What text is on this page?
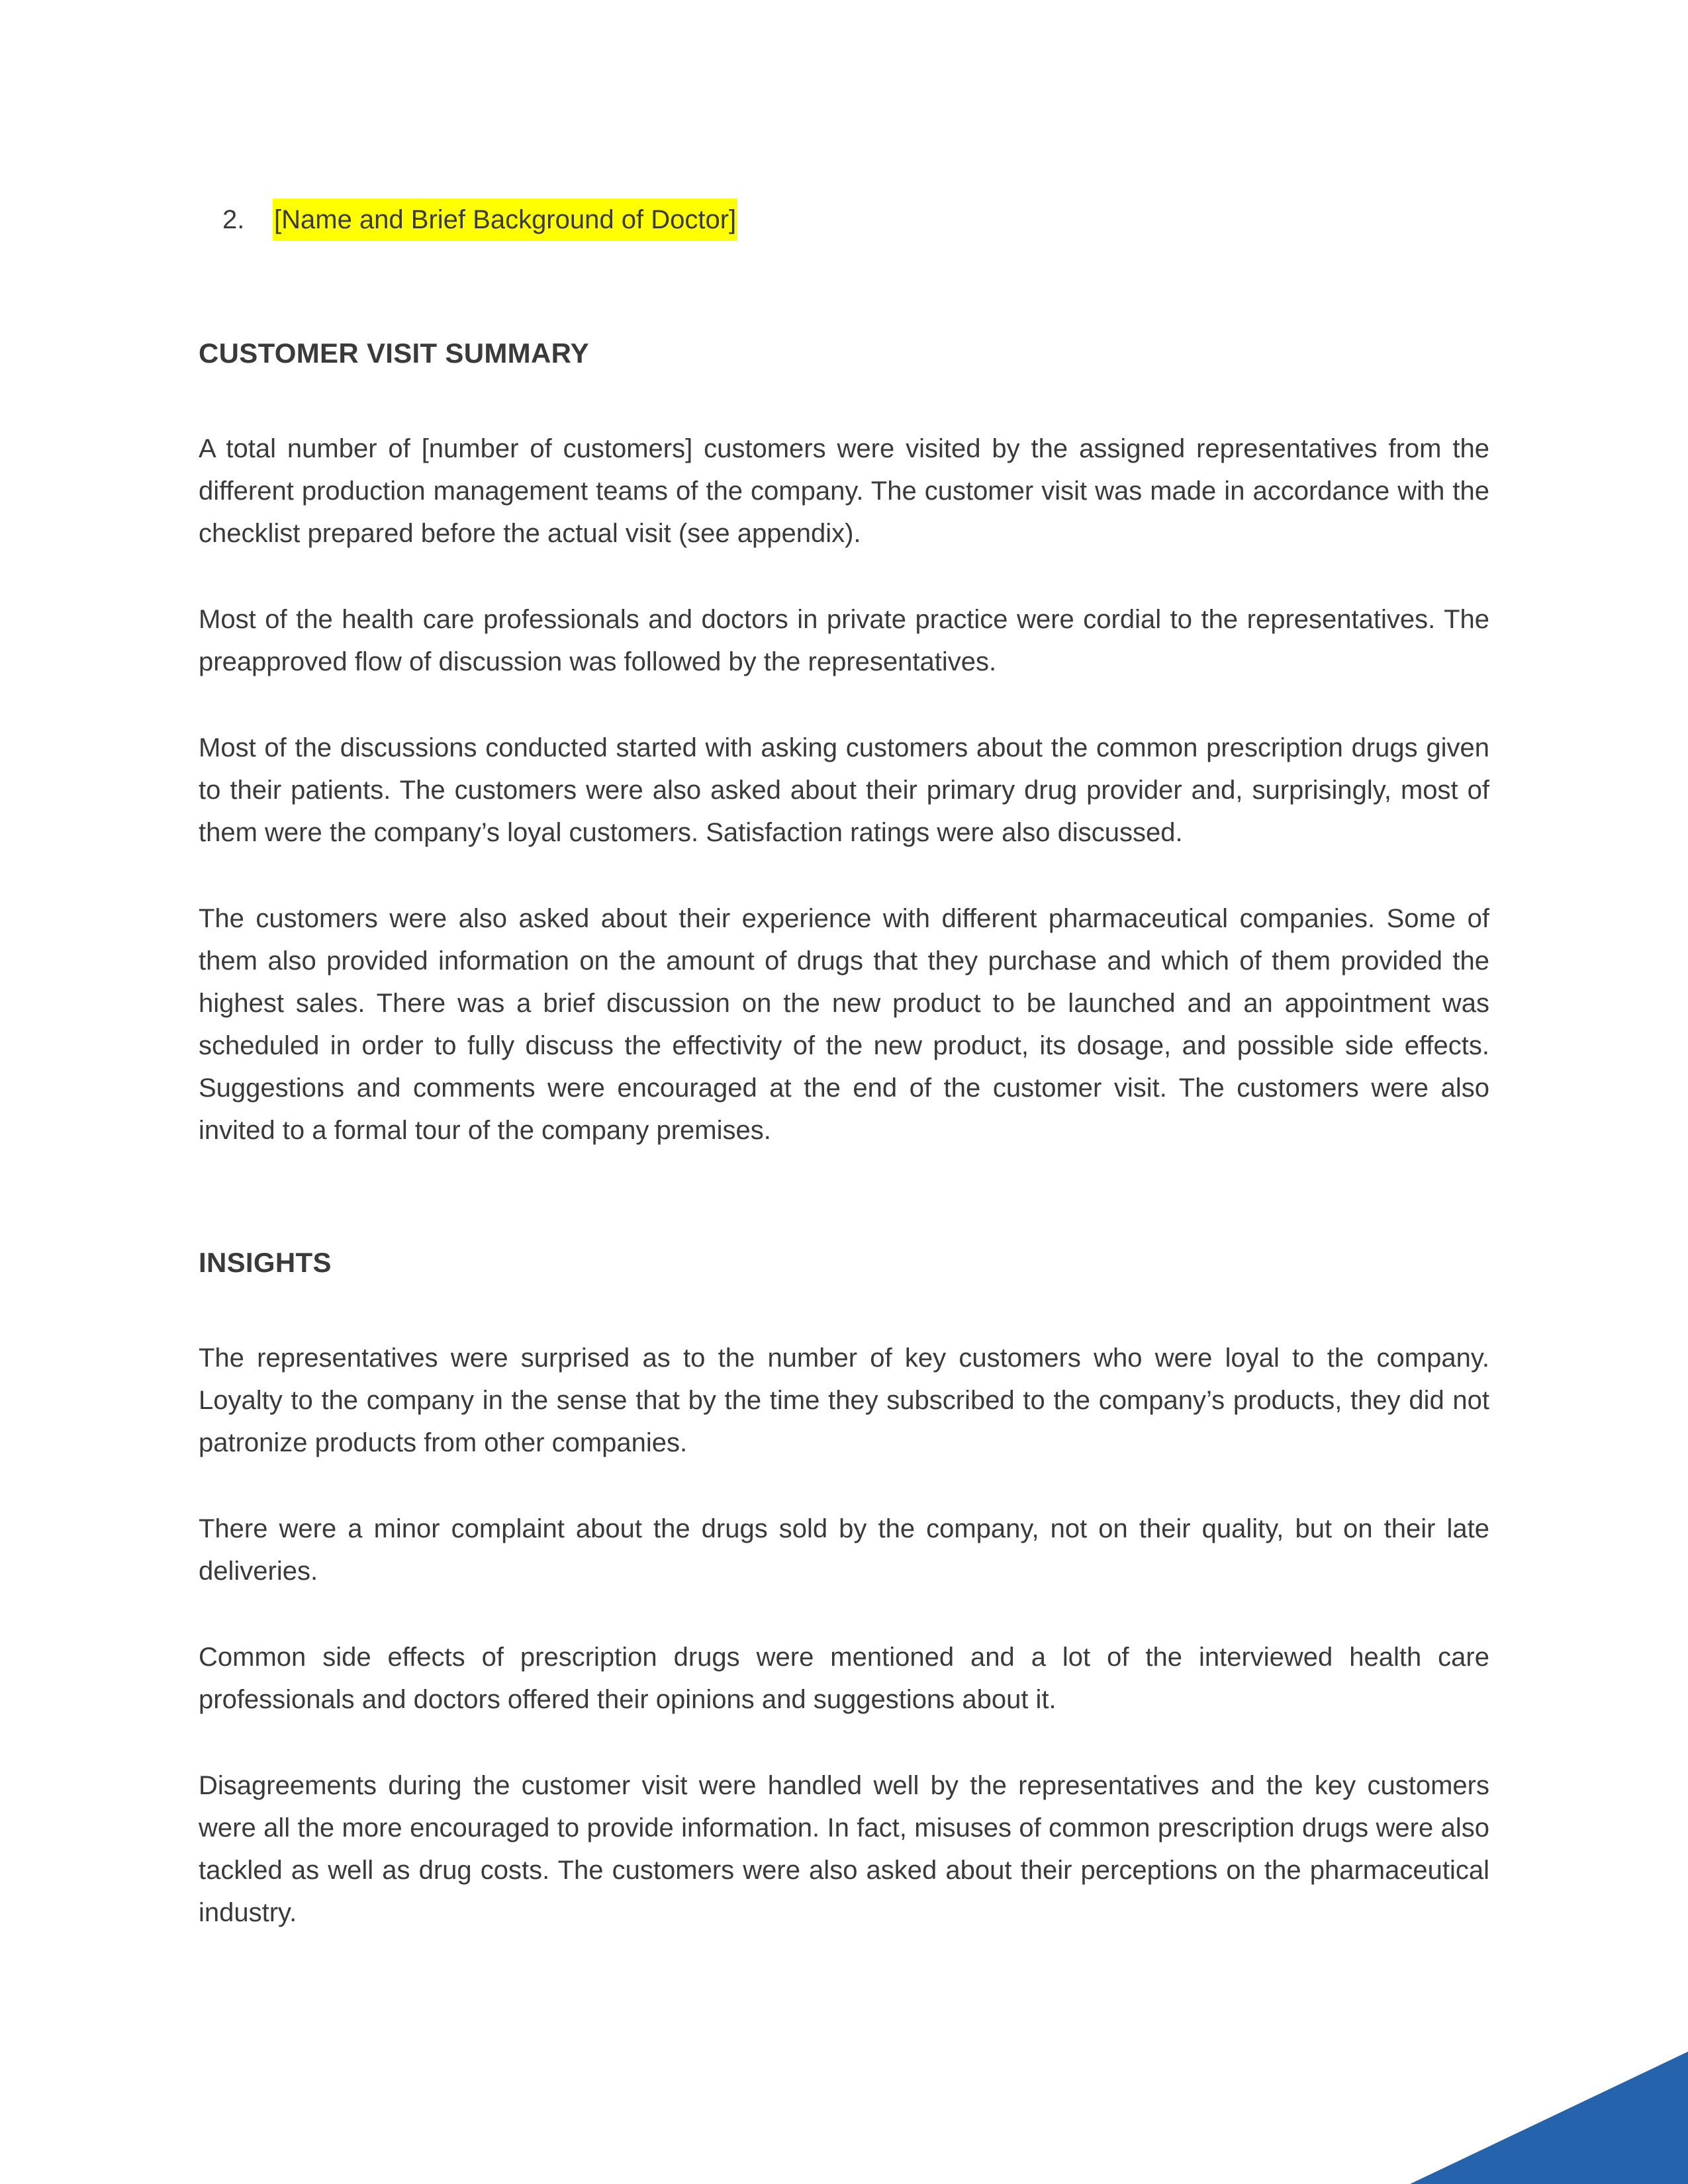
2.	[Name and Brief Background of Doctor]
CUSTOMER VISIT SUMMARY

A total number of [number of customers] customers were visited by the assigned representatives from the different production management teams of the company. The customer visit was made in accordance with the checklist prepared before the actual visit (see appendix).

Most of the health care professionals and doctors in private practice were cordial to the representatives. The preapproved flow of discussion was followed by the representatives.

Most of the discussions conducted started with asking customers about the common prescription drugs given to their patients. The customers were also asked about their primary drug provider and, surprisingly, most of them were the company’s loyal customers. Satisfaction ratings were also discussed.

The customers were also asked about their experience with different pharmaceutical companies. Some of them also provided information on the amount of drugs that they purchase and which of them provided the highest sales. There was a brief discussion on the new product to be launched and an appointment was scheduled in order to fully discuss the effectivity of the new product, its dosage, and possible side effects. Suggestions and comments were encouraged at the end of the customer visit. The customers were also invited to a formal tour of the company premises.

INSIGHTS

The representatives were surprised as to the number of key customers who were loyal to the company. Loyalty to the company in the sense that by the time they subscribed to the company’s products, they did not patronize products from other companies.

There were a minor complaint about the drugs sold by the company, not on their quality, but on their late deliveries.

Common side effects of prescription drugs were mentioned and a lot of the interviewed health care professionals and doctors offered their opinions and suggestions about it.

Disagreements during the customer visit were handled well by the representatives and the key customers were all the more encouraged to provide information. In fact, misuses of common prescription drugs were also tackled as well as drug costs. The customers were also asked about their perceptions on the pharmaceutical industry.
